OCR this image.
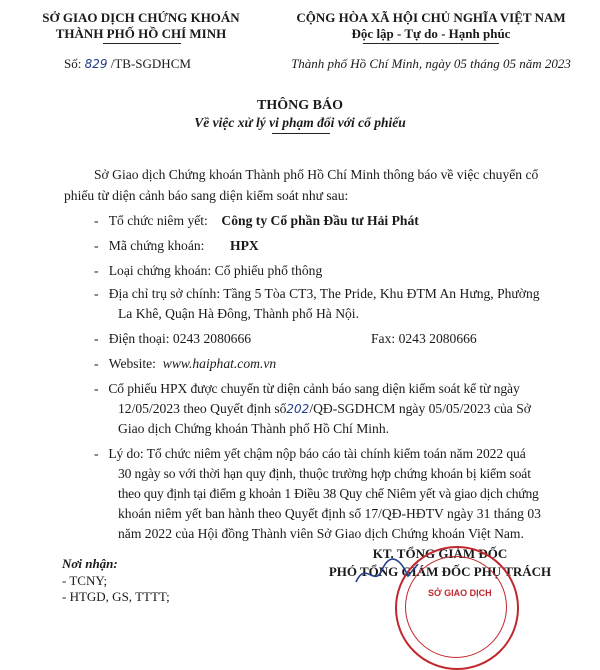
SỞ GIAO DỊCH CHỨNG KHOÁN
THÀNH PHỐ HỒ CHÍ MINH
Số: 829 /TB-SGDHCM
CỘNG HÒA XÃ HỘI CHỦ NGHĨA VIỆT NAM
Độc lập - Tự do - Hạnh phúc
Thành phố Hồ Chí Minh, ngày 05 tháng 05 năm 2023
THÔNG BÁO
Về việc xử lý vi phạm đối với cổ phiếu
Sở Giao dịch Chứng khoán Thành phố Hồ Chí Minh thông báo về việc chuyển cổ
phiếu từ diện cảnh báo sang diện kiểm soát như sau:
-   Tổ chức niêm yết: Công ty Cổ phần Đầu tư Hải Phát
-   Mã chứng khoán: HPX
-   Loại chứng khoán: Cổ phiếu phổ thông
-   Địa chỉ trụ sở chính: Tầng 5 Tòa CT3, The Pride, Khu ĐTM An Hưng, Phường
La Khê, Quận Hà Đông, Thành phố Hà Nội.
-   Điện thoại: 0243 2080666	Fax: 0243 2080666
-   Website: www.haiphat.com.vn
-   Cổ phiếu HPX được chuyển từ diện cảnh báo sang diện kiểm soát kể từ ngày
12/05/2023 theo Quyết định số202/QĐ-SGDHCM ngày 05/05/2023 của Sở
Giao dịch Chứng khoán Thành phố Hồ Chí Minh.
-   Lý do: Tổ chức niêm yết chậm nộp báo cáo tài chính kiểm toán năm 2022 quá
30 ngày so với thời hạn quy định, thuộc trường hợp chứng khoán bị kiểm soát
theo quy định tại điểm g khoản 1 Điều 38 Quy chế Niêm yết và giao dịch chứng
khoán niêm yết ban hành theo Quyết định số 17/QĐ-HĐTV ngày 31 tháng 03
năm 2022 của Hội đồng Thành viên Sở Giao dịch Chứng khoán Việt Nam.
KT. TỔNG GIÁM ĐỐC
PHÓ TỔNG GIÁM ĐỐC PHỤ TRÁCH
SỞ GIAO DỊCH
Nơi nhận:
- TCNY;
- HTGD, GS, TTTT;
